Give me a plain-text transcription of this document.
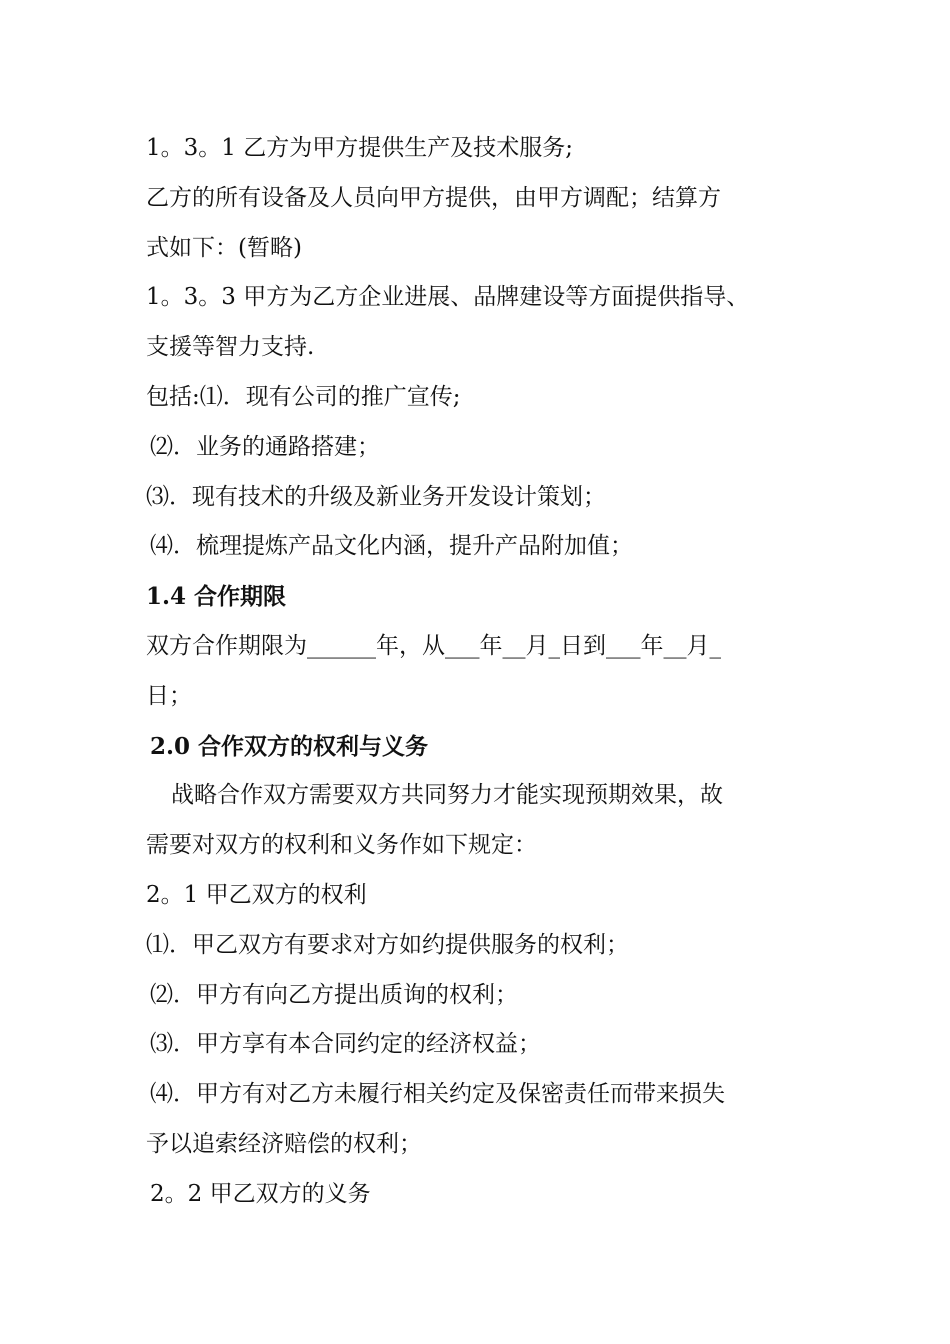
1。3。1 乙方为甲方提供生产及技术服务;
乙方的所有设备及人员向甲方提供，由甲方调配；结算方
式如下：(暂略)
1。3。3 甲方为乙方企业进展、品牌建设等方面提供指导、
支援等智力支持.
包括:⑴．现有公司的推广宣传;
⑵．业务的通路搭建；
⑶．现有技术的升级及新业务开发设计策划；
⑷．梳理提炼产品文化内涵，提升产品附加值；
1.4 合作期限
双方合作期限为______年，从___年__月_日到___年__月_
日；
2.0 合作双方的权利与义务
战略合作双方需要双方共同努力才能实现预期效果，故
需要对双方的权利和义务作如下规定：
2。1 甲乙双方的权利
⑴．甲乙双方有要求对方如约提供服务的权利；
⑵．甲方有向乙方提出质询的权利；
⑶．甲方享有本合同约定的经济权益；
⑷．甲方有对乙方未履行相关约定及保密责任而带来损失
予以追索经济赔偿的权利；
2。2 甲乙双方的义务
